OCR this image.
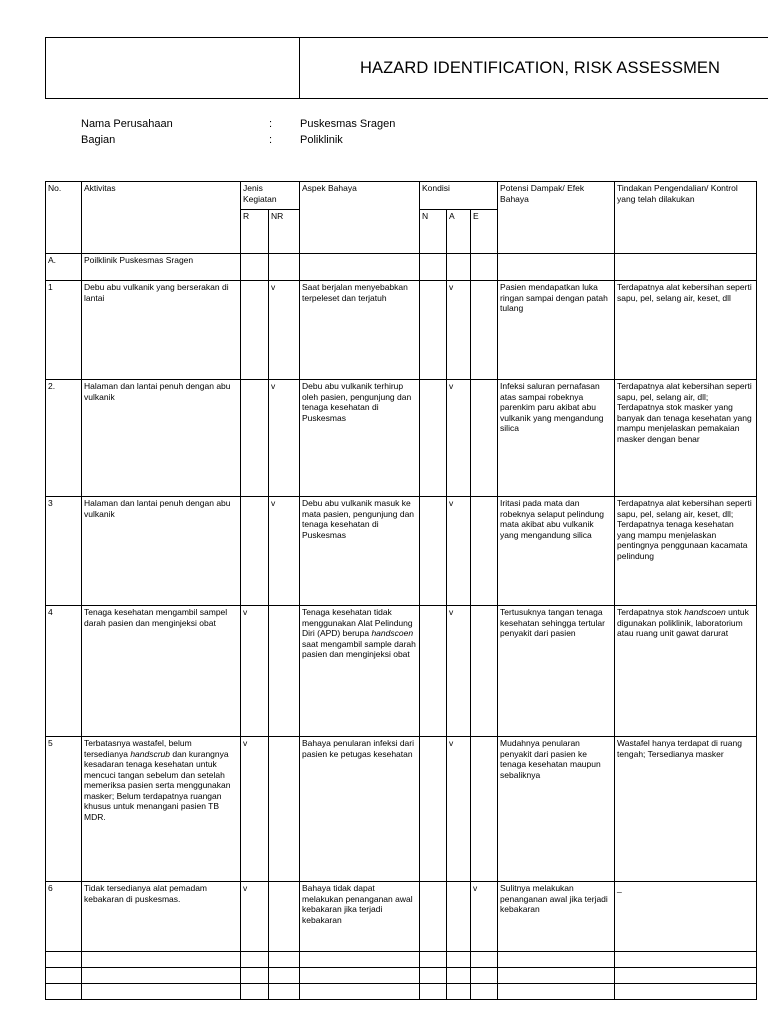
HAZARD IDENTIFICATION, RISK ASSESSMEN
Nama Perusahaan	:	Puskesmas Sragen
Bagian	:	Poliklinik
No.	Aktivitas	Jenis Kegiatan		Aspek Bahaya	Kondisi			Potensi Dampak/ Efek Bahaya	Tindakan Pengendalian/ Kontrol yang telah dilakukan
		R	NR		N	A	E		
A.	Poilklinik Puskesmas Sragen								
1	Debu abu vulkanik yang berserakan di lantai		v	Saat berjalan menyebabkan terpeleset dan terjatuh		v		Pasien mendapatkan luka ringan sampai dengan patah tulang	Terdapatnya alat kebersihan seperti sapu, pel, selang air, keset, dll
2.	Halaman dan lantai penuh dengan abu vulkanik		v	Debu abu vulkanik terhirup oleh pasien, pengunjung dan tenaga kesehatan di Puskesmas		v		Infeksi saluran pernafasan atas sampai robeknya parenkim paru akibat abu vulkanik yang mengandung silica	Terdapatnya alat kebersihan seperti sapu, pel, selang air, dll; Terdapatnya stok masker yang banyak dan tenaga kesehatan yang mampu menjelaskan pemakaian masker dengan benar
3	Halaman dan lantai penuh dengan abu vulkanik		v	Debu abu vulkanik masuk ke mata pasien, pengunjung dan tenaga kesehatan di Puskesmas		v		Iritasi pada mata dan robeknya selaput pelindung mata akibat abu vulkanik yang mengandung silica	Terdapatnya alat kebersihan seperti sapu, pel, selang air, keset, dll; Terdapatnya tenaga kesehatan yang mampu menjelaskan pentingnya penggunaan kacamata pelindung
4	Tenaga kesehatan mengambil sampel darah pasien dan menginjeksi obat	v		Tenaga kesehatan tidak menggunakan Alat Pelindung Diri (APD) berupa handscoen saat mengambil sample darah pasien dan menginjeksi obat		v		Tertusuknya tangan tenaga kesehatan sehingga tertular penyakit dari pasien	Terdapatnya stok handscoen untuk digunakan poliklinik, laboratorium atau ruang unit gawat darurat
5	Terbatasnya wastafel, belum tersedianya handscrub dan kurangnya kesadaran tenaga kesehatan untuk mencuci tangan sebelum dan setelah memeriksa pasien serta menggunakan masker; Belum terdapatnya ruangan khusus untuk menangani pasien TB MDR.	v		Bahaya penularan infeksi dari pasien ke petugas kesehatan		v		Mudahnya penularan penyakit dari pasien ke tenaga kesehatan maupun sebaliknya	Wastafel hanya terdapat di ruang tengah; Tersedianya masker
6	Tidak tersedianya alat pemadam kebakaran di puskesmas.	v		Bahaya tidak dapat melakukan penanganan awal kebakaran jika terjadi kebakaran			v	Sulitnya melakukan penanganan awal jika terjadi kebakaran	_
